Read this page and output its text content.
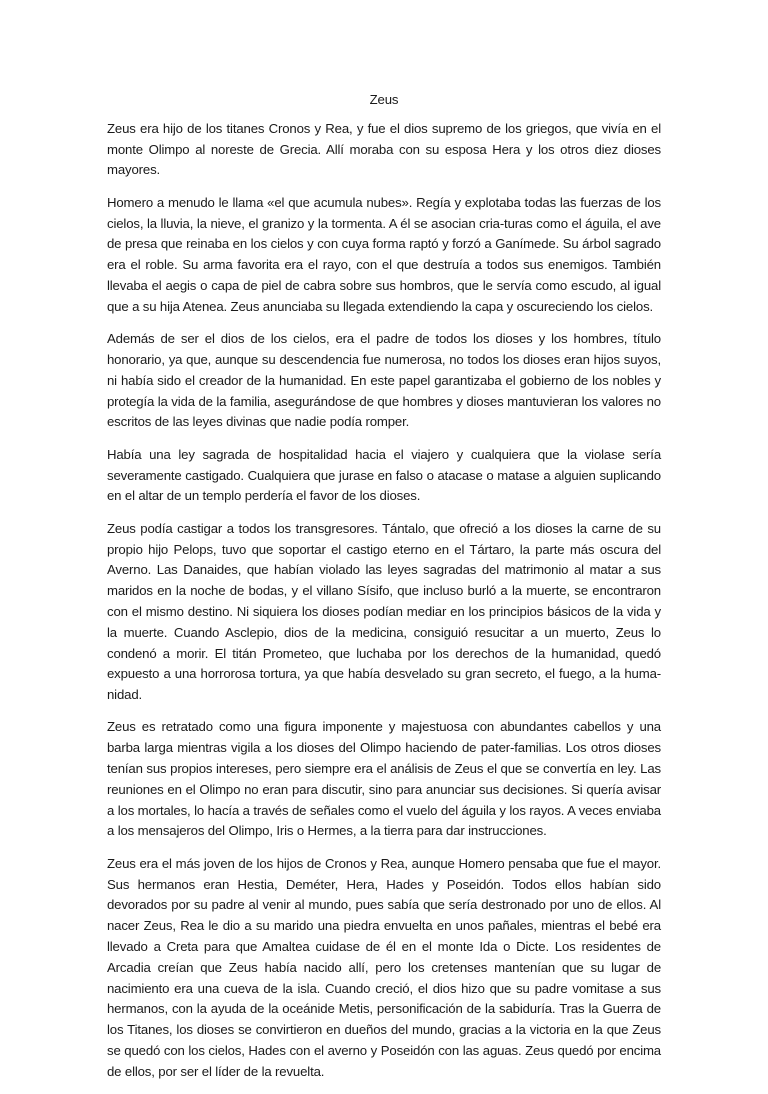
Zeus

Zeus era hijo de los titanes Cronos y Rea, y fue el dios supremo de los griegos, que vivía en el monte Olimpo al noreste de Grecia. Allí moraba con su esposa Hera y los otros diez dioses mayores.

Homero a menudo le llama «el que acumula nubes». Regía y explotaba todas las fuerzas de los cielos, la lluvia, la nieve, el granizo y la tormenta. A él se asocian cria-turas como el águila, el ave de presa que reinaba en los cielos y con cuya forma raptó y forzó a Ganímede. Su árbol sagrado era el roble. Su arma favorita era el rayo, con el que destruía a todos sus enemigos. También llevaba el aegis o capa de piel de cabra sobre sus hombros, que le servía como escudo, al igual que a su hija Atenea. Zeus anunciaba su llegada extendiendo la capa y oscureciendo los cielos.

Además de ser el dios de los cielos, era el padre de todos los dioses y los hombres, título honorario, ya que, aunque su descendencia fue numerosa, no todos los dioses eran hijos suyos, ni había sido el creador de la humanidad. En este papel garantizaba el gobierno de los nobles y protegía la vida de la familia, asegurándose de que hombres y dioses mantuvieran los valores no escritos de las leyes divinas que nadie podía romper.

Había una ley sagrada de hospitalidad hacia el viajero y cualquiera que la violase sería severamente castigado. Cualquiera que jurase en falso o atacase o matase a alguien suplicando en el altar de un templo perdería el favor de los dioses.

Zeus podía castigar a todos los transgresores. Tántalo, que ofreció a los dioses la carne de su propio hijo Pelops, tuvo que soportar el castigo eterno en el Tártaro, la parte más oscura del Averno. Las Danaides, que habían violado las leyes sagradas del matrimonio al matar a sus maridos en la noche de bodas, y el villano Sísifo, que incluso burló a la muerte, se encontraron con el mismo destino. Ni siquiera los dioses podían mediar en los principios básicos de la vida y la muerte. Cuando Asclepio, dios de la medicina, consiguió resucitar a un muerto, Zeus lo condenó a morir. El titán Prometeo, que luchaba por los derechos de la humanidad, quedó expuesto a una horrorosa tortura, ya que había desvelado su gran secreto, el fuego, a la huma-nidad.

Zeus es retratado como una figura imponente y majestuosa con abundantes cabellos y una barba larga mientras vigila a los dioses del Olimpo haciendo de pater-familias. Los otros dioses tenían sus propios intereses, pero siempre era el análisis de Zeus el que se convertía en ley. Las reuniones en el Olimpo no eran para discutir, sino para anunciar sus decisiones. Si quería avisar a los mortales, lo hacía a través de señales como el vuelo del águila y los rayos. A veces enviaba a los mensajeros del Olimpo, Iris o Hermes, a la tierra para dar instrucciones.

Zeus era el más joven de los hijos de Cronos y Rea, aunque Homero pensaba que fue el mayor. Sus hermanos eran Hestia, Deméter, Hera, Hades y Poseidón. Todos ellos habían sido devorados por su padre al venir al mundo, pues sabía que sería destronado por uno de ellos. Al nacer Zeus, Rea le dio a su marido una piedra envuelta en unos pañales, mientras el bebé era llevado a Creta para que Amaltea cuidase de él en el monte Ida o Dicte. Los residentes de Arcadia creían que Zeus había nacido allí, pero los cretenses mantenían que su lugar de nacimiento era una cueva de la isla. Cuando creció, el dios hizo que su padre vomitase a sus hermanos, con la ayuda de la oceánide Metis, personificación de la sabiduría. Tras la Guerra de los Titanes, los dioses se convirtieron en dueños del mundo, gracias a la victoria en la que Zeus se quedó con los cielos, Hades con el averno y Poseidón con las aguas. Zeus quedó por encima de ellos, por ser el líder de la revuelta.
